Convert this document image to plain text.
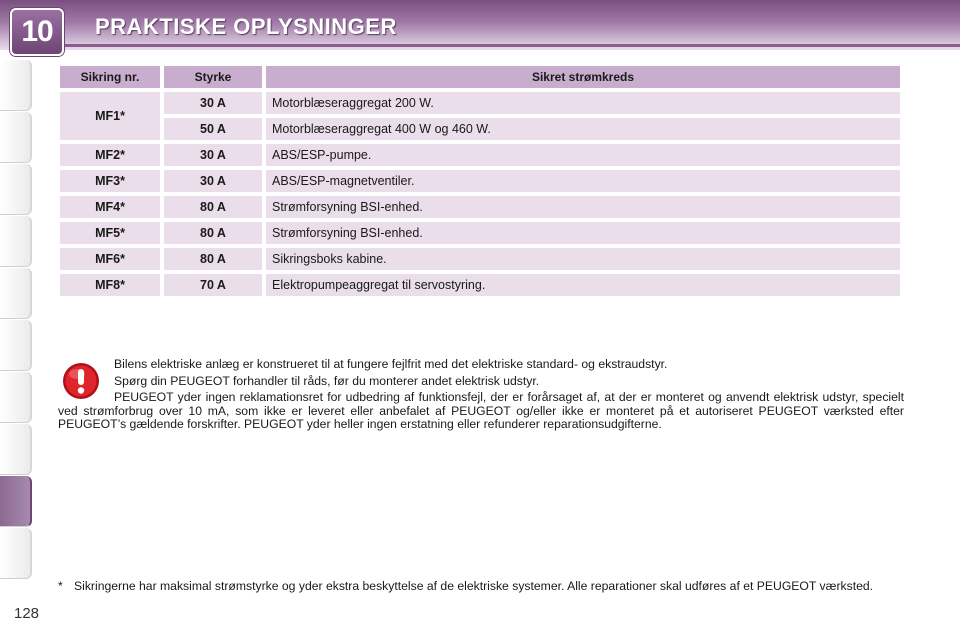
10	PRAKTISKE OPLYSNINGER
Sikring nr.	Styrke	Sikret strømkreds
MF1*	30 A	Motorblæseraggregat 200 W.
	50 A	Motorblæseraggregat 400 W og 460 W.
MF2*	30 A	ABS/ESP-pumpe.
MF3*	30 A	ABS/ESP-magnetventiler.
MF4*	80 A	Strømforsyning BSI-enhed.
MF5*	80 A	Strømforsyning BSI-enhed.
MF6*	80 A	Sikringsboks kabine.
MF8*	70 A	Elektropumpeaggregat til servostyring.

Bilens elektriske anlæg er konstrueret til at fungere fejlfrit med det elektriske standard- og ekstraudstyr.

Spørg din PEUGEOT forhandler til råds, før du monterer andet elektrisk udstyr.

PEUGEOT yder ingen reklamationsret for udbedring af funktionsfejl, der er forårsaget af, at der er monteret og anvendt elektrisk udstyr, specielt ved strømforbrug over 10 mA, som ikke er leveret eller anbefalet af PEUGEOT og/eller ikke er monteret på et autoriseret PEUGEOT værksted efter PEUGEOT’s gældende forskrifter. PEUGEOT yder heller ingen erstatning eller refunderer reparationsudgifterne.

* Sikringerne har maksimal strømstyrke og yder ekstra beskyttelse af de elektriske systemer. Alle reparationer skal udføres af et PEUGEOT værksted.
128
